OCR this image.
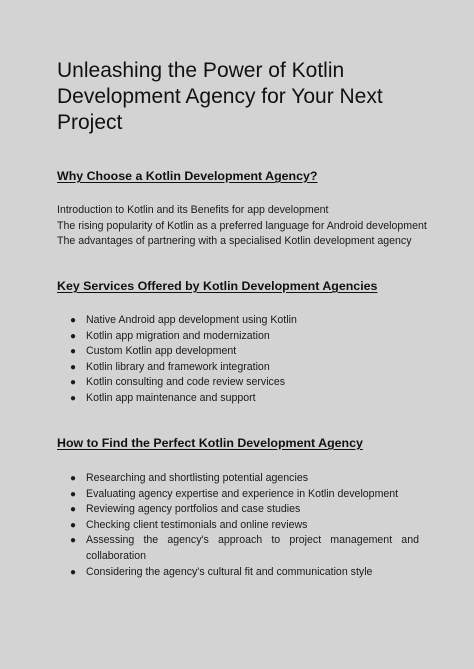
Unleashing the Power of Kotlin
Development Agency for Your Next
Project
Why Choose a Kotlin Development Agency?
Introduction to Kotlin and its Benefits for app development
The rising popularity of Kotlin as a preferred language for Android development
The advantages of partnering with a specialised Kotlin development agency
Key Services Offered by Kotlin Development Agencies
● Native Android app development using Kotlin
● Kotlin app migration and modernization
● Custom Kotlin app development
● Kotlin library and framework integration
● Kotlin consulting and code review services
● Kotlin app maintenance and support
How to Find the Perfect Kotlin Development Agency
● Researching and shortlisting potential agencies
● Evaluating agency expertise and experience in Kotlin development
● Reviewing agency portfolios and case studies
● Checking client testimonials and online reviews
● Assessing the agency's approach to project management and collaboration
● Considering the agency's cultural fit and communication style
